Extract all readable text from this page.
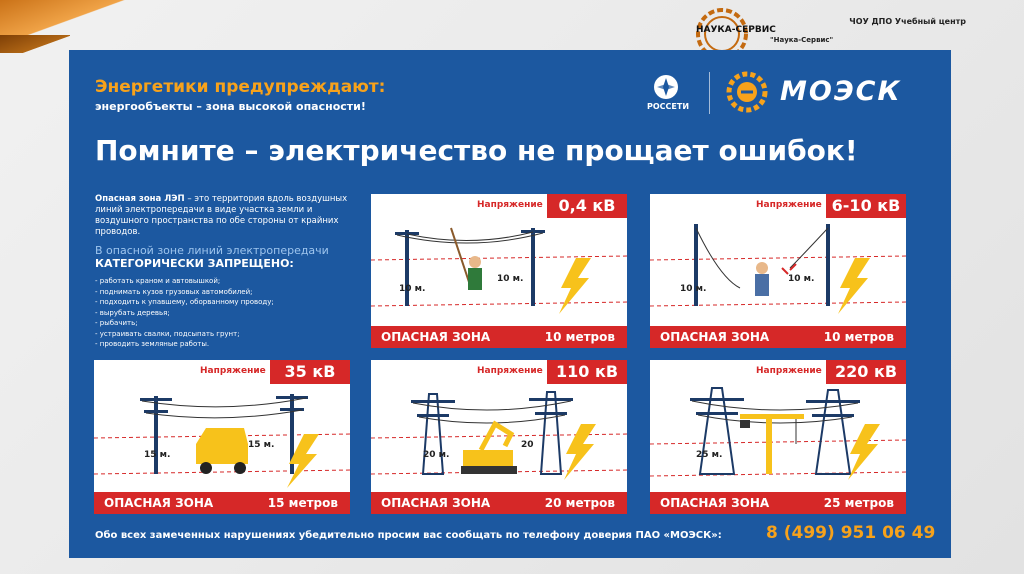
НАУКА-СЕРВИС
ЧОУ ДПО Учебный центр
"Наука-Сервис"
Энергетики предупреждают:
энергообъекты – зона высокой опасности!	РОССЕТИ	МОЭСК
Помните – электричество не прощает ошибок!

Опасная зона ЛЭП – это территория вдоль воздушных линий электропередачи в виде участка земли и воздушного пространства по обе стороны от крайних проводов.

В опасной зоне линий электропередачи
КАТЕГОРИЧЕСКИ ЗАПРЕЩЕНО:
- работать краном и автовышкой;
- поднимать кузов грузовых автомобилей;
- подходить к упавшему, оборванному проводу;
- вырубать деревья;
- рыбачить;
- устраивать свалки, подсыпать грунт;
- проводить земляные работы.
Напряжение 0,4 кВ
10 м.
10 м.
ОПАСНАЯ ЗОНА	10 метров
Напряжение 6-10 кВ
10 м.
10 м.
ОПАСНАЯ ЗОНА	10 метров
Напряжение	35 кВ
15 м.
15 м.
ОПАСНАЯ ЗОНА	15 метров
Напряжение 110 кВ
20 м.
20
ОПАСНАЯ ЗОНА	20 метров
Напряжение 220 кВ
25 м.
ОПАСНАЯ ЗОНА	25 метров
Обо всех замеченных нарушениях убедительно просим вас сообщать по телефону доверия ПАО «МОЭСК»:	8 (499) 951 06 49
